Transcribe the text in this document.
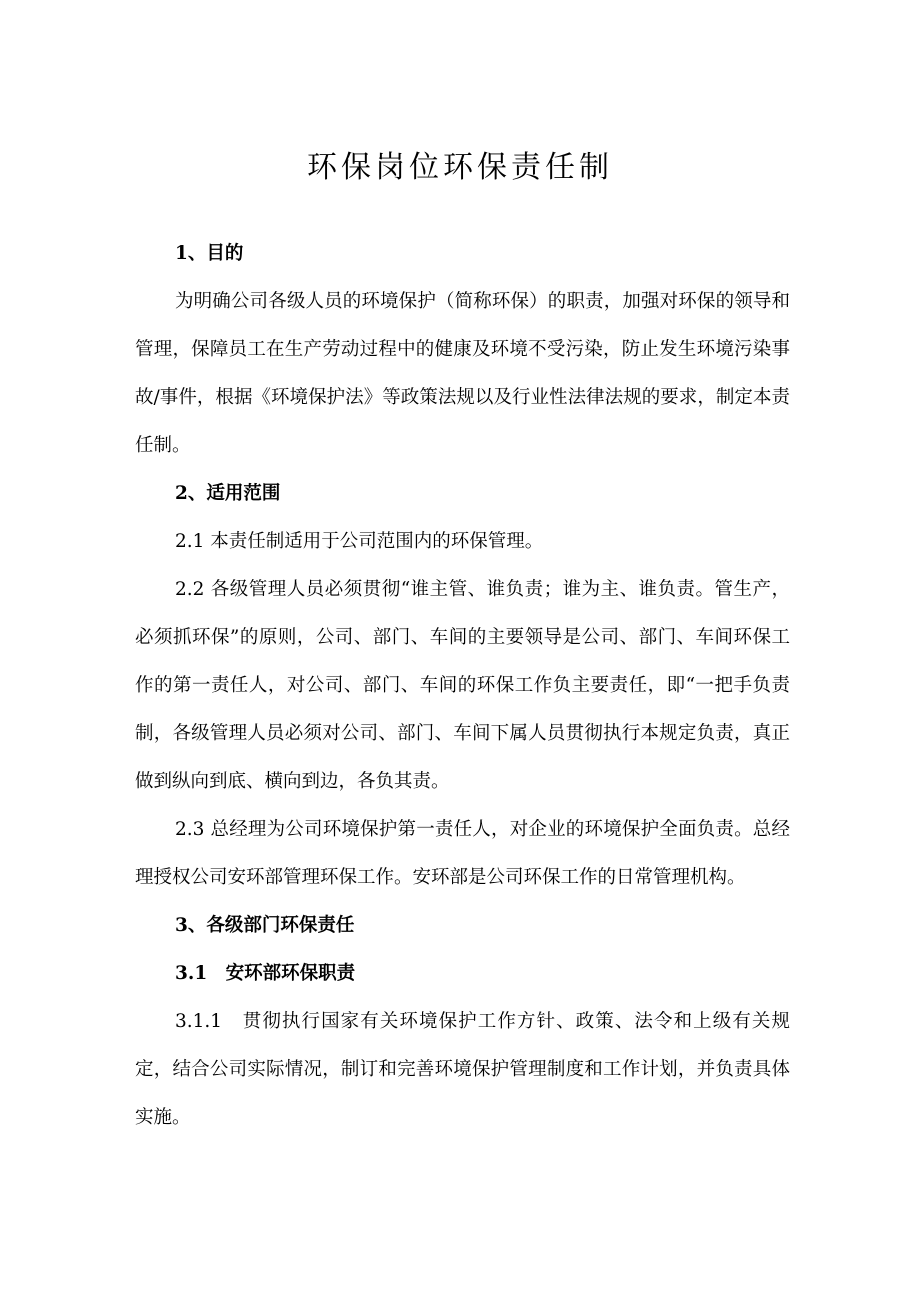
环保岗位环保责任制

1、目的

为明确公司各级人员的环境保护（简称环保）的职责，加强对环保的领导和管理，保障员工在生产劳动过程中的健康及环境不受污染，防止发生环境污染事故/事件，根据《环境保护法》等政策法规以及行业性法律法规的要求，制定本责任制。

2、适用范围

2.1 本责任制适用于公司范围内的环保管理。

2.2 各级管理人员必须贯彻“谁主管、谁负责；谁为主、谁负责。管生产，必须抓环保”的原则，公司、部门、车间的主要领导是公司、部门、车间环保工作的第一责任人，对公司、部门、车间的环保工作负主要责任，即“一把手负责制，各级管理人员必须对公司、部门、车间下属人员贯彻执行本规定负责，真正做到纵向到底、横向到边，各负其责。

2.3 总经理为公司环境保护第一责任人，对企业的环境保护全面负责。总经理授权公司安环部管理环保工作。安环部是公司环保工作的日常管理机构。

3、各级部门环保责任

3.1　安环部环保职责

3.1.1　贯彻执行国家有关环境保护工作方针、政策、法令和上级有关规定，结合公司实际情况，制订和完善环境保护管理制度和工作计划，并负责具体实施。
